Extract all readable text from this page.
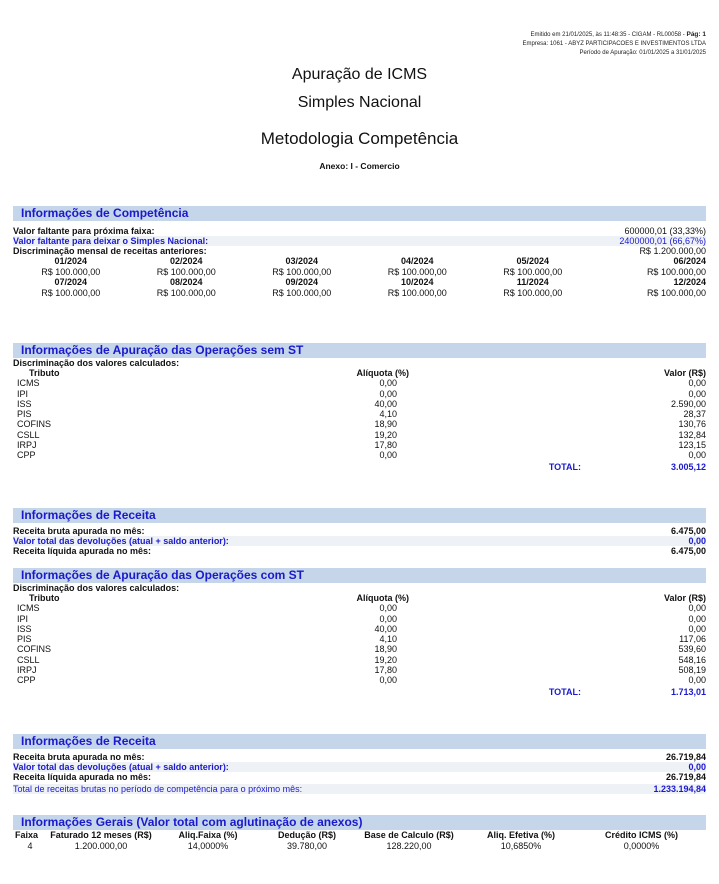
Emitido em 21/01/2025, às 11:48:35 - CIGAM - RL00058 - Pág: 1
Empresa: 1061 - ABYZ PARTICIPACOES E INVESTIMENTOS LTDA
Período de Apuração: 01/01/2025 a 31/01/2025
Apuração de ICMS
Simples Nacional
Metodologia Competência
Anexo: I - Comercio
Informações de Competência
Valor faltante para próxima faixa:	600000,01 (33,33%)
Valor faltante para deixar o Simples Nacional:	2400000,01 (66,67%)
Discriminação mensal de receitas anteriores:	R$ 1.200.000,00
01/2024	02/2024	03/2024	04/2024	05/2024	06/2024
R$ 100.000,00	R$ 100.000,00	R$ 100.000,00	R$ 100.000,00	R$ 100.000,00	R$ 100.000,00
07/2024	08/2024	09/2024	10/2024	11/2024	12/2024
R$ 100.000,00	R$ 100.000,00	R$ 100.000,00	R$ 100.000,00	R$ 100.000,00	R$ 100.000,00
Informações de Apuração das Operações sem ST
Discriminação dos valores calculados:
Tributo	Alíquota (%)	Valor (R$)
ICMS	0,00	0,00
IPI	0,00	0,00
ISS	40,00	2.590,00
PIS	4,10	28,37
COFINS	18,90	130,76
CSLL	19,20	132,84
IRPJ	17,80	123,15
CPP	0,00	0,00
TOTAL:	3.005,12
Informações de Receita
Receita bruta apurada no mês:	6.475,00
Valor total das devoluções (atual + saldo anterior):	0,00
Receita líquida apurada no mês:	6.475,00
Informações de Apuração das Operações com ST
Discriminação dos valores calculados:
Tributo	Alíquota (%)	Valor (R$)
ICMS	0,00	0,00
IPI	0,00	0,00
ISS	40,00	0,00
PIS	4,10	117,06
COFINS	18,90	539,60
CSLL	19,20	548,16
IRPJ	17,80	508,19
CPP	0,00	0,00
TOTAL:	1.713,01
Informações de Receita
Receita bruta apurada no mês:	26.719,84
Valor total das devoluções (atual + saldo anterior):	0,00
Receita líquida apurada no mês:	26.719,84
Total de receitas brutas no período de competência para o próximo mês:	1.233.194,84
Informações Gerais (Valor total com aglutinação de anexos)
Faixa	Faturado 12 meses (R$)	Aliq.Faixa (%)	Dedução (R$)	Base de Calculo (R$)	Aliq. Efetiva (%)	Crédito ICMS (%)
4	1.200.000,00	14,0000%	39.780,00	128.220,00	10,6850%	0,0000%
